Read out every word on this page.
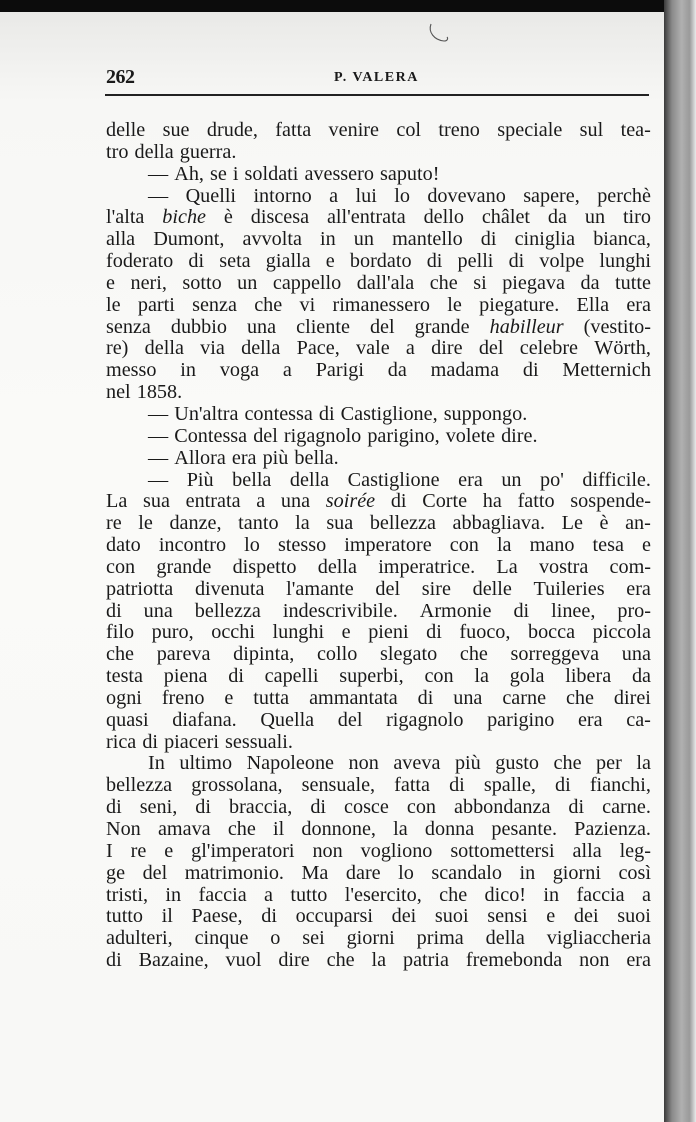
262	P. VALERA
delle sue drude, fatta venire col treno speciale sul tea-
tro della guerra.
— Ah, se i soldati avessero saputo!
— Quelli intorno a lui lo dovevano sapere, perchè
l'alta biche è discesa all'entrata dello châlet da un tiro
alla Dumont, avvolta in un mantello di ciniglia bianca,
foderato di seta gialla e bordato di pelli di volpe lunghi
e neri, sotto un cappello dall'ala che si piegava da tutte
le parti senza che vi rimanessero le piegature. Ella era
senza dubbio una cliente del grande habilleur (vestito-
re) della via della Pace, vale a dire del celebre Wörth,
messo in voga a Parigi da madama di Metternich
nel 1858.
— Un'altra contessa di Castiglione, suppongo.
— Contessa del rigagnolo parigino, volete dire.
— Allora era più bella.
— Più bella della Castiglione era un po' difficile.
La sua entrata a una soirée di Corte ha fatto sospende-
re le danze, tanto la sua bellezza abbagliava. Le è an-
dato incontro lo stesso imperatore con la mano tesa e
con grande dispetto della imperatrice. La vostra com-
patriotta divenuta l'amante del sire delle Tuileries era
di una bellezza indescrivibile. Armonie di linee, pro-
filo puro, occhi lunghi e pieni di fuoco, bocca piccola
che pareva dipinta, collo slegato che sorreggeva una
testa piena di capelli superbi, con la gola libera da
ogni freno e tutta ammantata di una carne che direi
quasi diafana. Quella del rigagnolo parigino era ca-
rica di piaceri sessuali.
In ultimo Napoleone non aveva più gusto che per la
bellezza grossolana, sensuale, fatta di spalle, di fianchi,
di seni, di braccia, di cosce con abbondanza di carne.
Non amava che il donnone, la donna pesante. Pazienza.
I re e gl'imperatori non vogliono sottomettersi alla leg-
ge del matrimonio. Ma dare lo scandalo in giorni così
tristi, in faccia a tutto l'esercito, che dico! in faccia a
tutto il Paese, di occuparsi dei suoi sensi e dei suoi
adulteri, cinque o sei giorni prima della vigliaccheria
di Bazaine, vuol dire che la patria fremebonda non era
